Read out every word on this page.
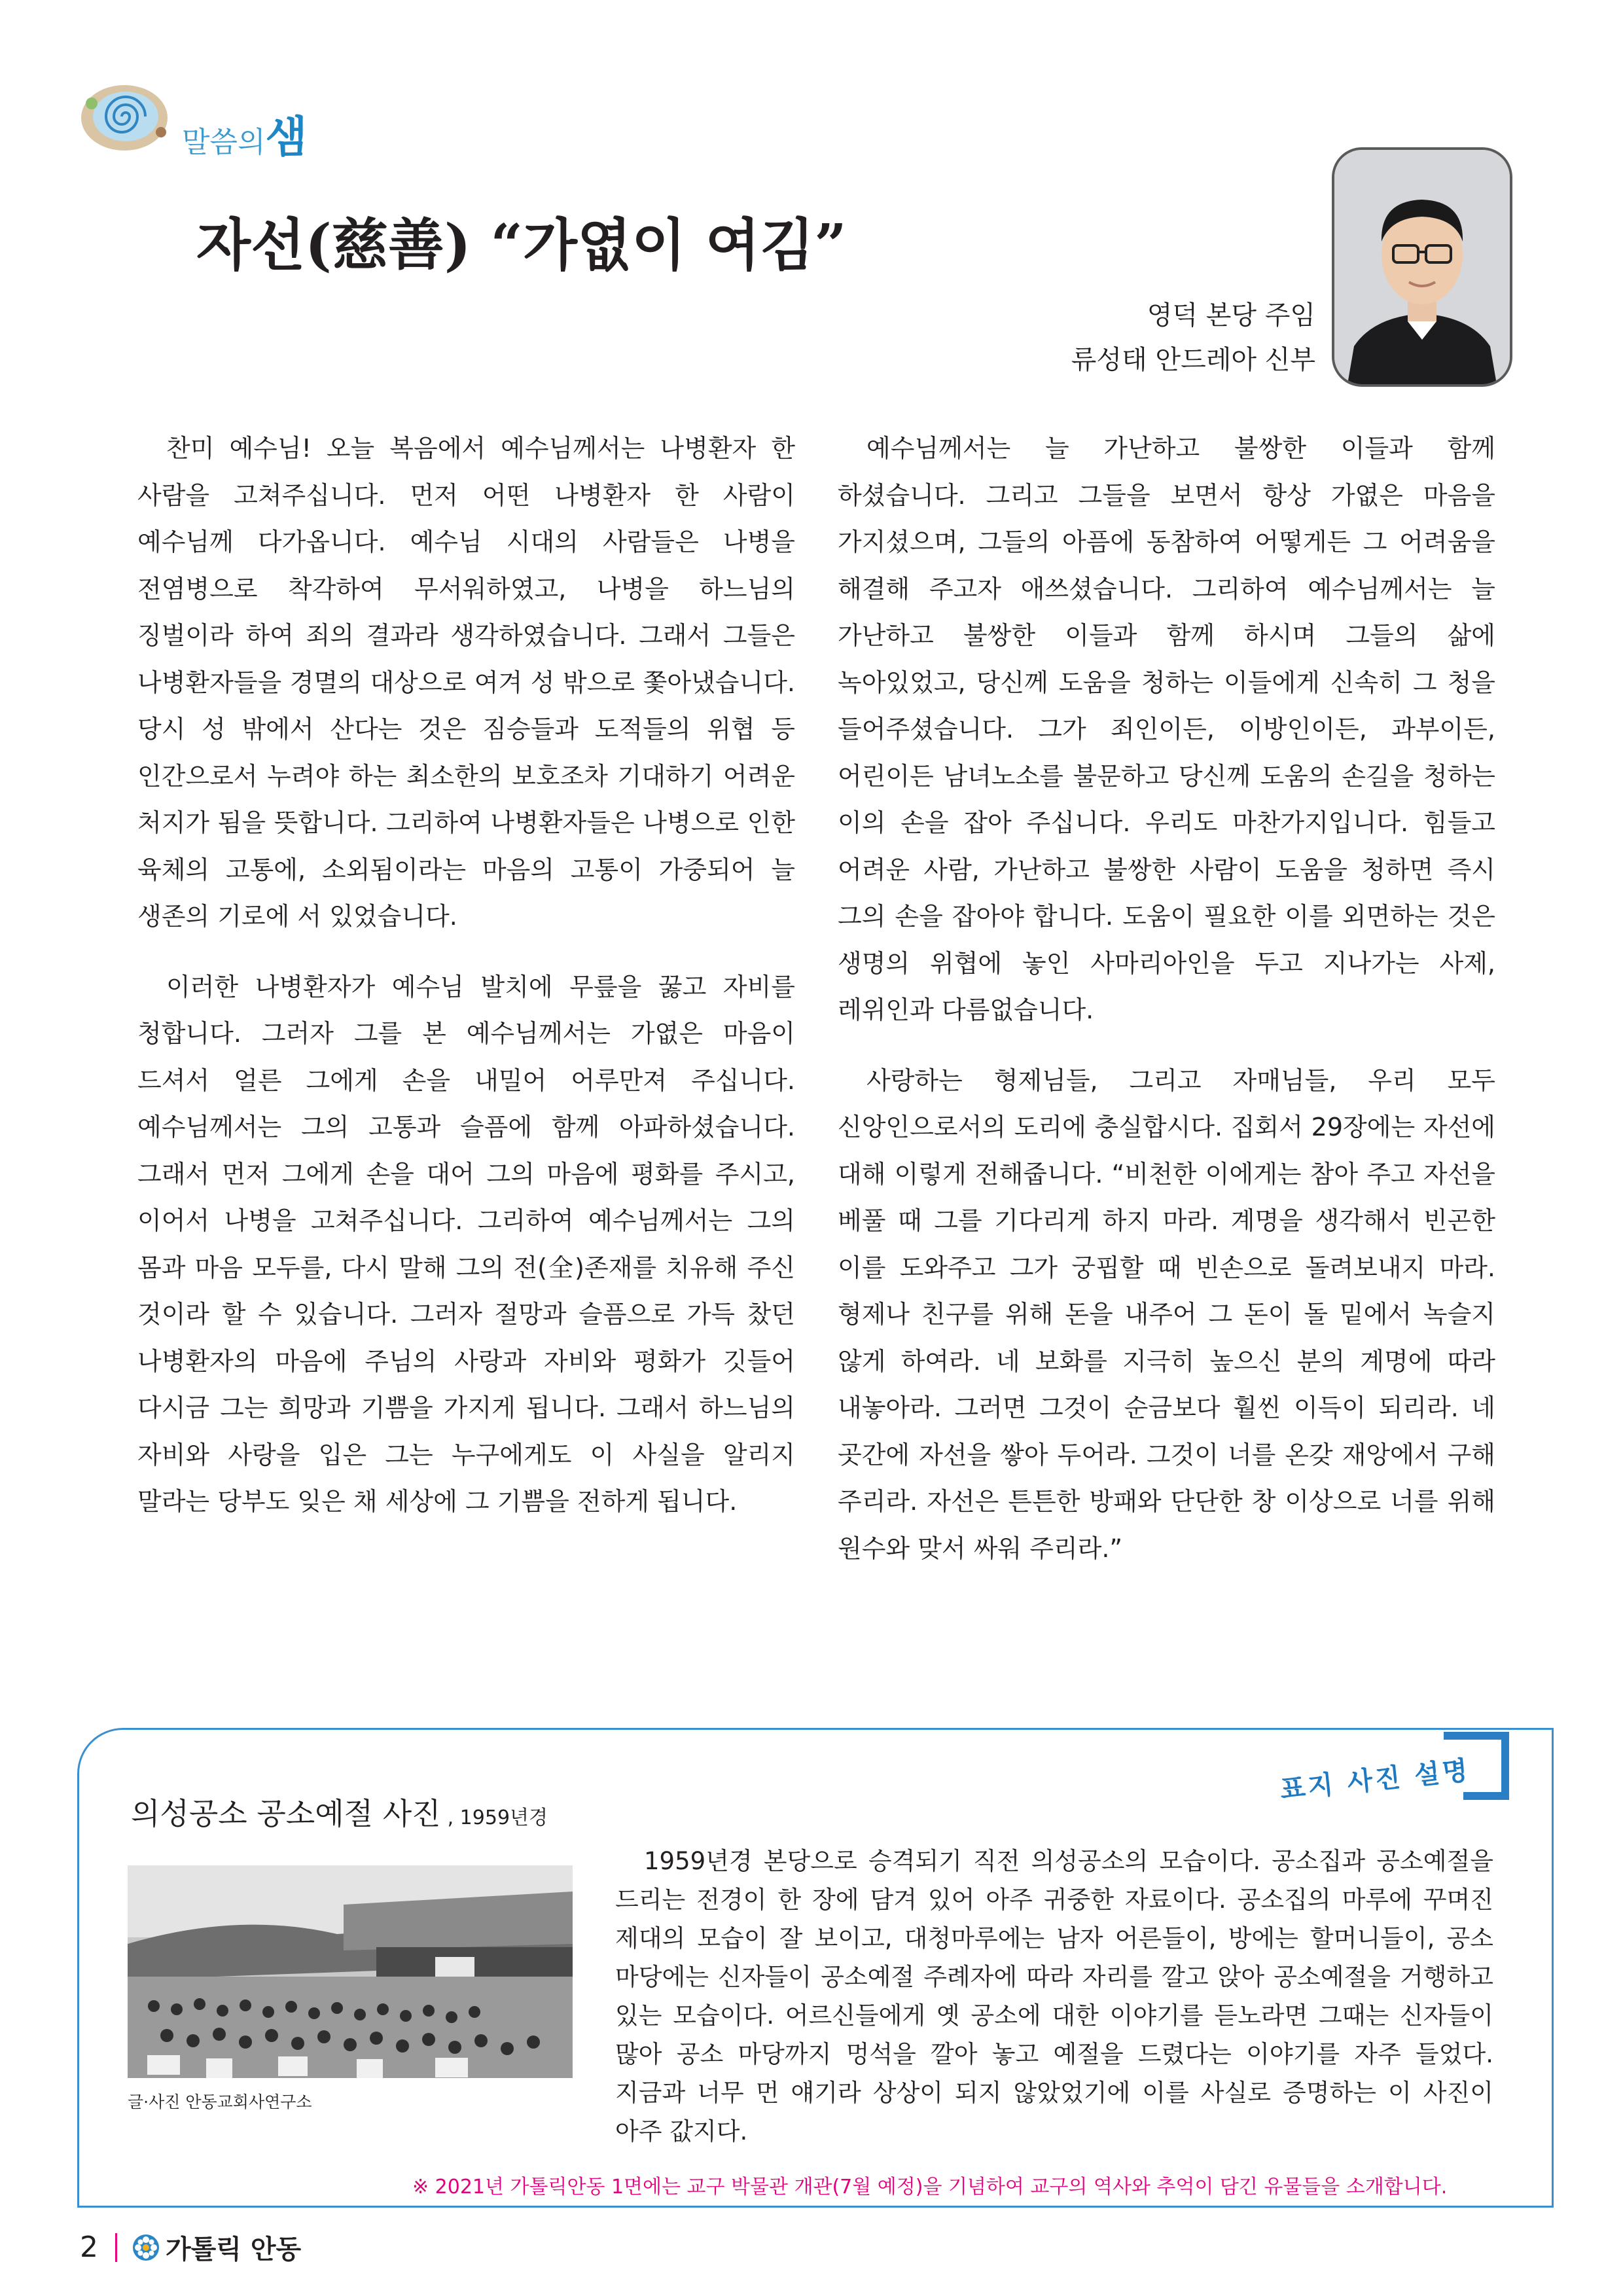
말씀의샘
자선(慈善) “가엾이 여김”
영덕 본당 주임
류성태 안드레아 신부

찬미 예수님! 오늘 복음에서 예수님께서는 나병환자 한 사람을 고쳐주십니다. 먼저 어떤 나병환자 한 사람이 예수님께 다가옵니다. 예수님 시대의 사람들은 나병을 전염병으로 착각하여 무서워하였고, 나병을 하느님의 징벌이라 하여 죄의 결과라 생각하였습니다. 그래서 그들은 나병환자들을 경멸의 대상으로 여겨 성 밖으로 쫓아냈습니다. 당시 성 밖에서 산다는 것은 짐승들과 도적들의 위협 등 인간으로서 누려야 하는 최소한의 보호조차 기대하기 어려운 처지가 됨을 뜻합니다. 그리하여 나병환자들은 나병으로 인한 육체의 고통에, 소외됨이라는 마음의 고통이 가중되어 늘 생존의 기로에 서 있었습니다.

이러한 나병환자가 예수님 발치에 무릎을 꿇고 자비를 청합니다. 그러자 그를 본 예수님께서는 가엾은 마음이 드셔서 얼른 그에게 손을 내밀어 어루만져 주십니다. 예수님께서는 그의 고통과 슬픔에 함께 아파하셨습니다. 그래서 먼저 그에게 손을 대어 그의 마음에 평화를 주시고, 이어서 나병을 고쳐주십니다. 그리하여 예수님께서는 그의 몸과 마음 모두를, 다시 말해 그의 전(全)존재를 치유해 주신 것이라 할 수 있습니다. 그러자 절망과 슬픔으로 가득 찼던 나병환자의 마음에 주님의 사랑과 자비와 평화가 깃들어 다시금 그는 희망과 기쁨을 가지게 됩니다. 그래서 하느님의 자비와 사랑을 입은 그는 누구에게도 이 사실을 알리지 말라는 당부도 잊은 채 세상에 그 기쁨을 전하게 됩니다.

예수님께서는 늘 가난하고 불쌍한 이들과 함께 하셨습니다. 그리고 그들을 보면서 항상 가엾은 마음을 가지셨으며, 그들의 아픔에 동참하여 어떻게든 그 어려움을 해결해 주고자 애쓰셨습니다. 그리하여 예수님께서는 늘 가난하고 불쌍한 이들과 함께 하시며 그들의 삶에 녹아있었고, 당신께 도움을 청하는 이들에게 신속히 그 청을 들어주셨습니다. 그가 죄인이든, 이방인이든, 과부이든, 어린이든 남녀노소를 불문하고 당신께 도움의 손길을 청하는 이의 손을 잡아 주십니다. 우리도 마찬가지입니다. 힘들고 어려운 사람, 가난하고 불쌍한 사람이 도움을 청하면 즉시 그의 손을 잡아야 합니다. 도움이 필요한 이를 외면하는 것은 생명의 위협에 놓인 사마리아인을 두고 지나가는 사제, 레위인과 다름없습니다.

사랑하는 형제님들, 그리고 자매님들, 우리 모두 신앙인으로서의 도리에 충실합시다. 집회서 29장에는 자선에 대해 이렇게 전해줍니다. “비천한 이에게는 참아 주고 자선을 베풀 때 그를 기다리게 하지 마라. 계명을 생각해서 빈곤한 이를 도와주고 그가 궁핍할 때 빈손으로 돌려보내지 마라. 형제나 친구를 위해 돈을 내주어 그 돈이 돌 밑에서 녹슬지 않게 하여라. 네 보화를 지극히 높으신 분의 계명에 따라 내놓아라. 그러면 그것이 순금보다 훨씬 이득이 되리라. 네 곳간에 자선을 쌓아 두어라. 그것이 너를 온갖 재앙에서 구해 주리라. 자선은 튼튼한 방패와 단단한 창 이상으로 너를 위해 원수와 맞서 싸워 주리라.”

의성공소 공소예절 사진 , 1959년경
표지 사진 설명
글·사진 안동교회사연구소

1959년경 본당으로 승격되기 직전 의성공소의 모습이다. 공소집과 공소예절을 드리는 전경이 한 장에 담겨 있어 아주 귀중한 자료이다. 공소집의 마루에 꾸며진 제대의 모습이 잘 보이고, 대청마루에는 남자 어른들이, 방에는 할머니들이, 공소 마당에는 신자들이 공소예절 주례자에 따라 자리를 깔고 앉아 공소예절을 거행하고 있는 모습이다. 어르신들에게 옛 공소에 대한 이야기를 듣노라면 그때는 신자들이 많아 공소 마당까지 멍석을 깔아 놓고 예절을 드렸다는 이야기를 자주 들었다. 지금과 너무 먼 얘기라 상상이 되지 않았었기에 이를 사실로 증명하는 이 사진이 아주 값지다.

※ 2021년 가톨릭안동 1면에는 교구 박물관 개관(7월 예정)을 기념하여 교구의 역사와 추억이 담긴 유물들을 소개합니다.
2	가톨릭 안동
